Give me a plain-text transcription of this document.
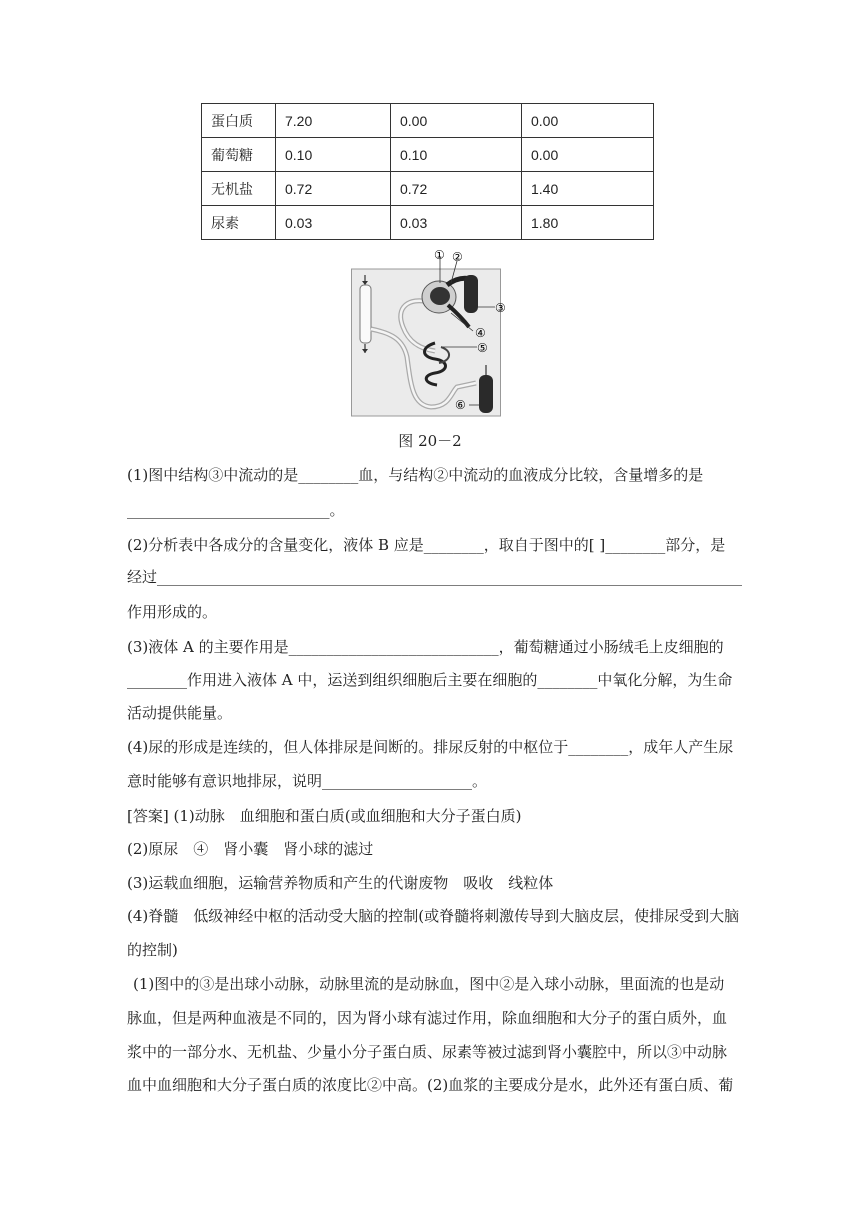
蛋白质	7.20	0.00	0.00
葡萄糖	0.10	0.10	0.00
无机盐	0.72	0.72	1.40
尿素	0.03	0.03	1.80
① ②
③
④
⑤
⑥
图 20－2
(1)图中结构③中流动的是________血，与结构②中流动的血液成分比较，含量增多的是
___________________________。
(2)分析表中各成分的含量变化，液体 B 应是________，取自于图中的[ ]________部分，是
经过______________________________________________________________________________
作用形成的。
(3)液体 A 的主要作用是____________________________，葡萄糖通过小肠绒毛上皮细胞的
________作用进入液体 A 中，运送到组织细胞后主要在细胞的________中氧化分解，为生命
活动提供能量。
(4)尿的形成是连续的，但人体排尿是间断的。排尿反射的中枢位于________，成年人产生尿
意时能够有意识地排尿，说明____________________。
[答案] (1)动脉　血细胞和蛋白质(或血细胞和大分子蛋白质)
(2)原尿　④　肾小囊　肾小球的滤过
(3)运载血细胞，运输营养物质和产生的代谢废物　吸收　线粒体
(4)脊髓　低级神经中枢的活动受大脑的控制(或脊髓将刺激传导到大脑皮层，使排尿受到大脑
的控制)
(1)图中的③是出球小动脉，动脉里流的是动脉血，图中②是入球小动脉，里面流的也是动
脉血，但是两种血液是不同的，因为肾小球有滤过作用，除血细胞和大分子的蛋白质外，血
浆中的一部分水、无机盐、少量小分子蛋白质、尿素等被过滤到肾小囊腔中，所以③中动脉
血中血细胞和大分子蛋白质的浓度比②中高。(2)血浆的主要成分是水，此外还有蛋白质、葡
